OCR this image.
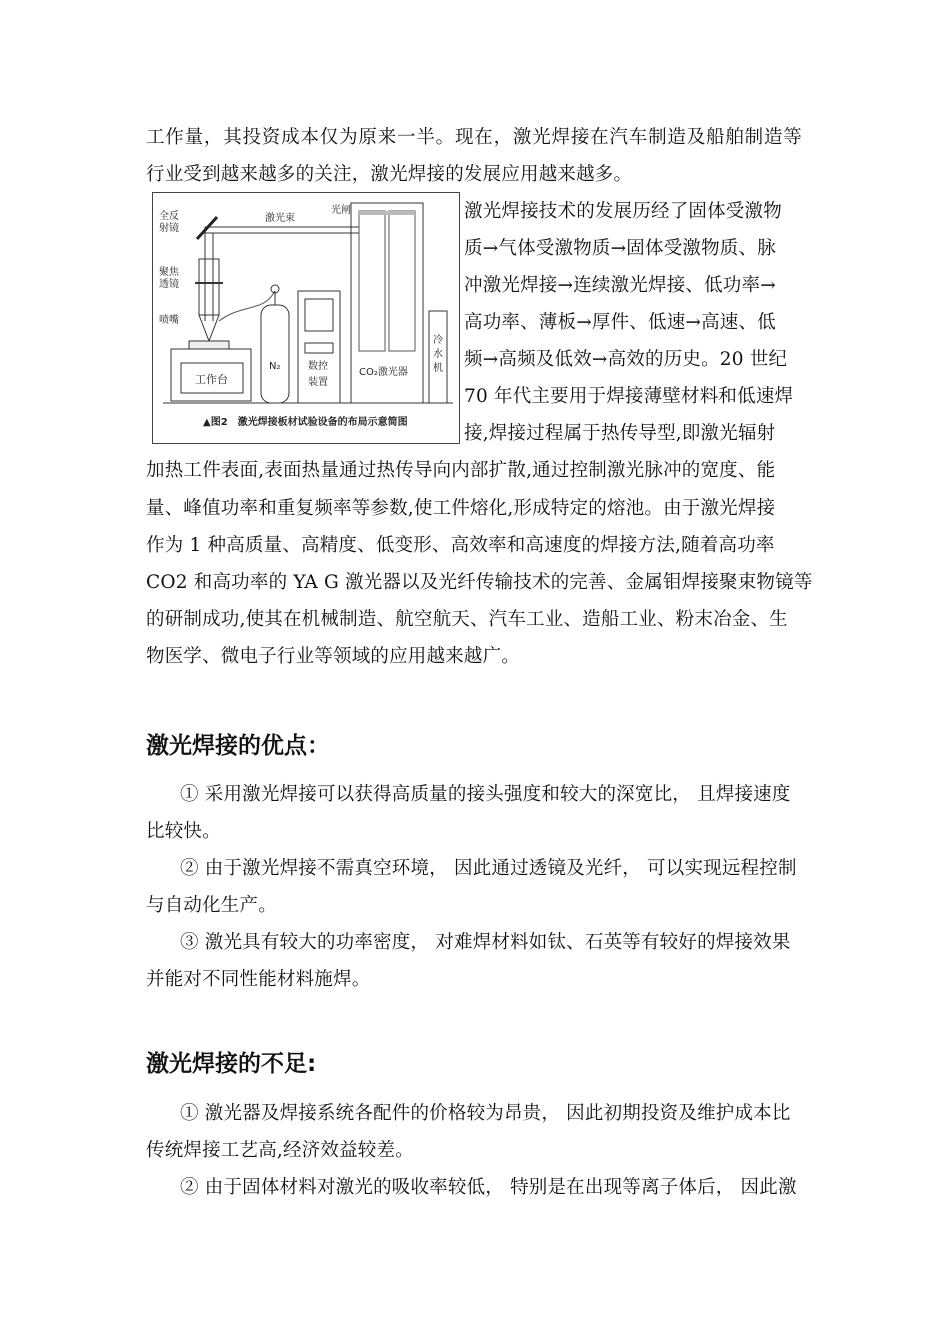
工作量，其投资成本仅为原来一半。现在，激光焊接在汽车制造及船舶制造等
行业受到越来越多的关注，激光焊接的发展应用越来越多。
全反
射镜
激光束
光闸
聚焦
透镜
喷嘴
工作台
N₂	数控
装置
CO₂激光器
冷
水
机
▲图2　激光焊接板材试验设备的布局示意简图
激光焊接技术的发展历经了固体受激物
质→气体受激物质→固体受激物质、脉
冲激光焊接→连续激光焊接、低功率→
高功率、薄板→厚件、低速→高速、低
频→高频及低效→高效的历史。20 世纪
70 年代主要用于焊接薄壁材料和低速焊
接,焊接过程属于热传导型,即激光辐射
加热工件表面,表面热量通过热传导向内部扩散,通过控制激光脉冲的宽度、能
量、峰值功率和重复频率等参数,使工件熔化,形成特定的熔池。由于激光焊接
作为 1 种高质量、高精度、低变形、高效率和高速度的焊接方法,随着高功率
CO2 和高功率的 YA G 激光器以及光纤传输技术的完善、金属钼焊接聚束物镜等
的研制成功,使其在机械制造、航空航天、汽车工业、造船工业、粉末冶金、生
物医学、微电子行业等领域的应用越来越广。
激光焊接的优点：
① 采用激光焊接可以获得高质量的接头强度和较大的深宽比， 且焊接速度
比较快。
② 由于激光焊接不需真空环境， 因此通过透镜及光纤， 可以实现远程控制
与自动化生产。
③ 激光具有较大的功率密度， 对难焊材料如钛、石英等有较好的焊接效果
并能对不同性能材料施焊。
激光焊接的不足:
① 激光器及焊接系统各配件的价格较为昂贵， 因此初期投资及维护成本比
传统焊接工艺高,经济效益较差。
② 由于固体材料对激光的吸收率较低， 特别是在出现等离子体后， 因此激
